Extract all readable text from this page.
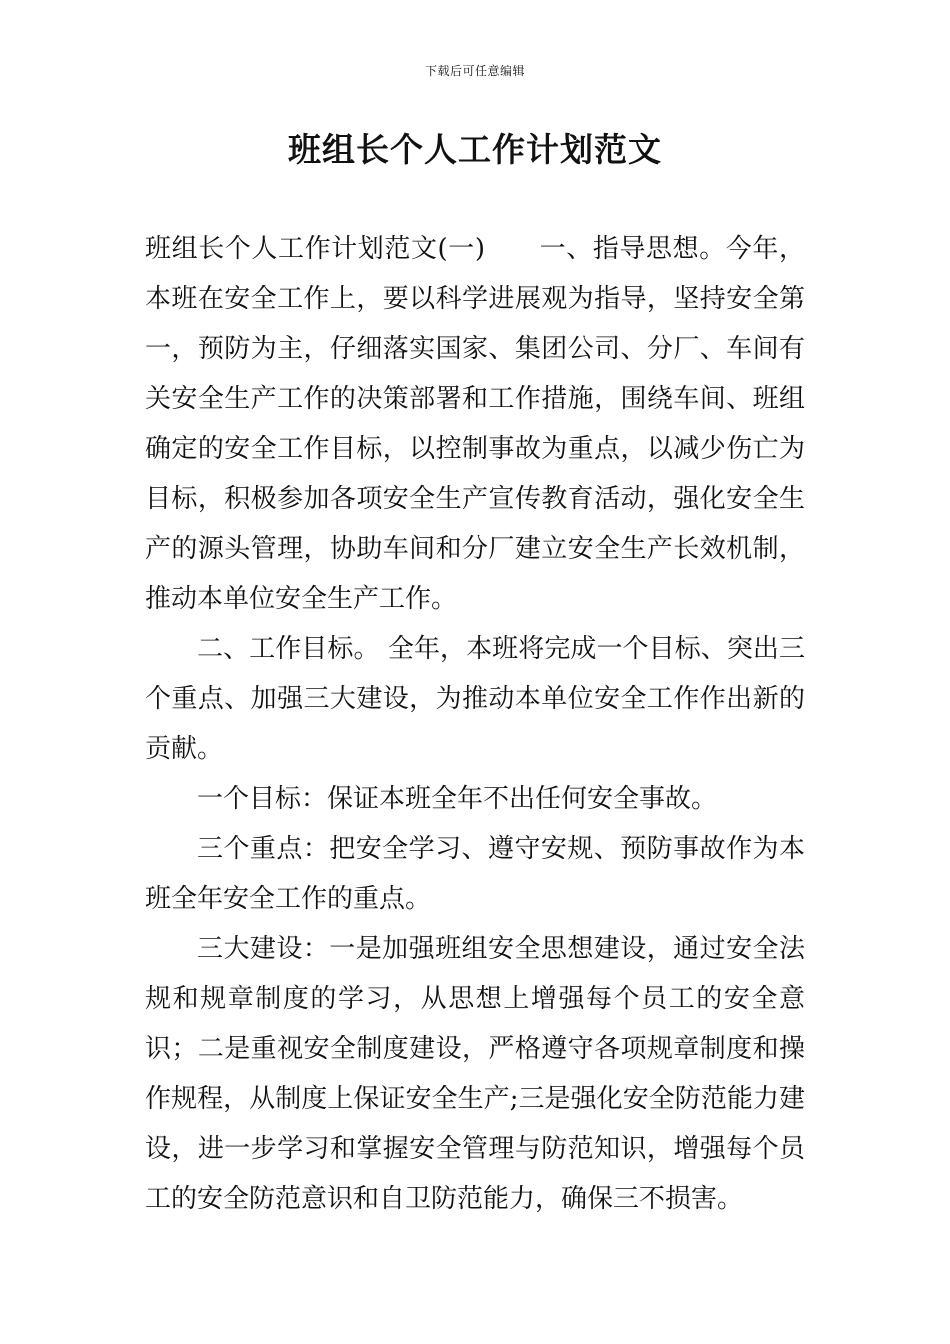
下载后可任意编辑
班组长个人工作计划范文

班组长个人工作计划范文(一) 一、指导思想。今年，本班在安全工作上，要以科学进展观为指导，坚持安全第一，预防为主，仔细落实国家、集团公司、分厂、车间有关安全生产工作的决策部署和工作措施，围绕车间、班组确定的安全工作目标，以控制事故为重点，以减少伤亡为目标，积极参加各项安全生产宣传教育活动，强化安全生产的源头管理，协助车间和分厂建立安全生产长效机制，推动本单位安全生产工作。

二、工作目标。 全年，本班将完成一个目标、突出三个重点、加强三大建设，为推动本单位安全工作作出新的贡献。

一个目标：保证本班全年不出任何安全事故。

三个重点：把安全学习、遵守安规、预防事故作为本班全年安全工作的重点。

三大建设：一是加强班组安全思想建设，通过安全法规和规章制度的学习，从思想上增强每个员工的安全意识；二是重视安全制度建设，严格遵守各项规章制度和操作规程，从制度上保证安全生产;三是强化安全防范能力建设，进一步学习和掌握安全管理与防范知识，增强每个员工的安全防范意识和自卫防范能力，确保三不损害。
